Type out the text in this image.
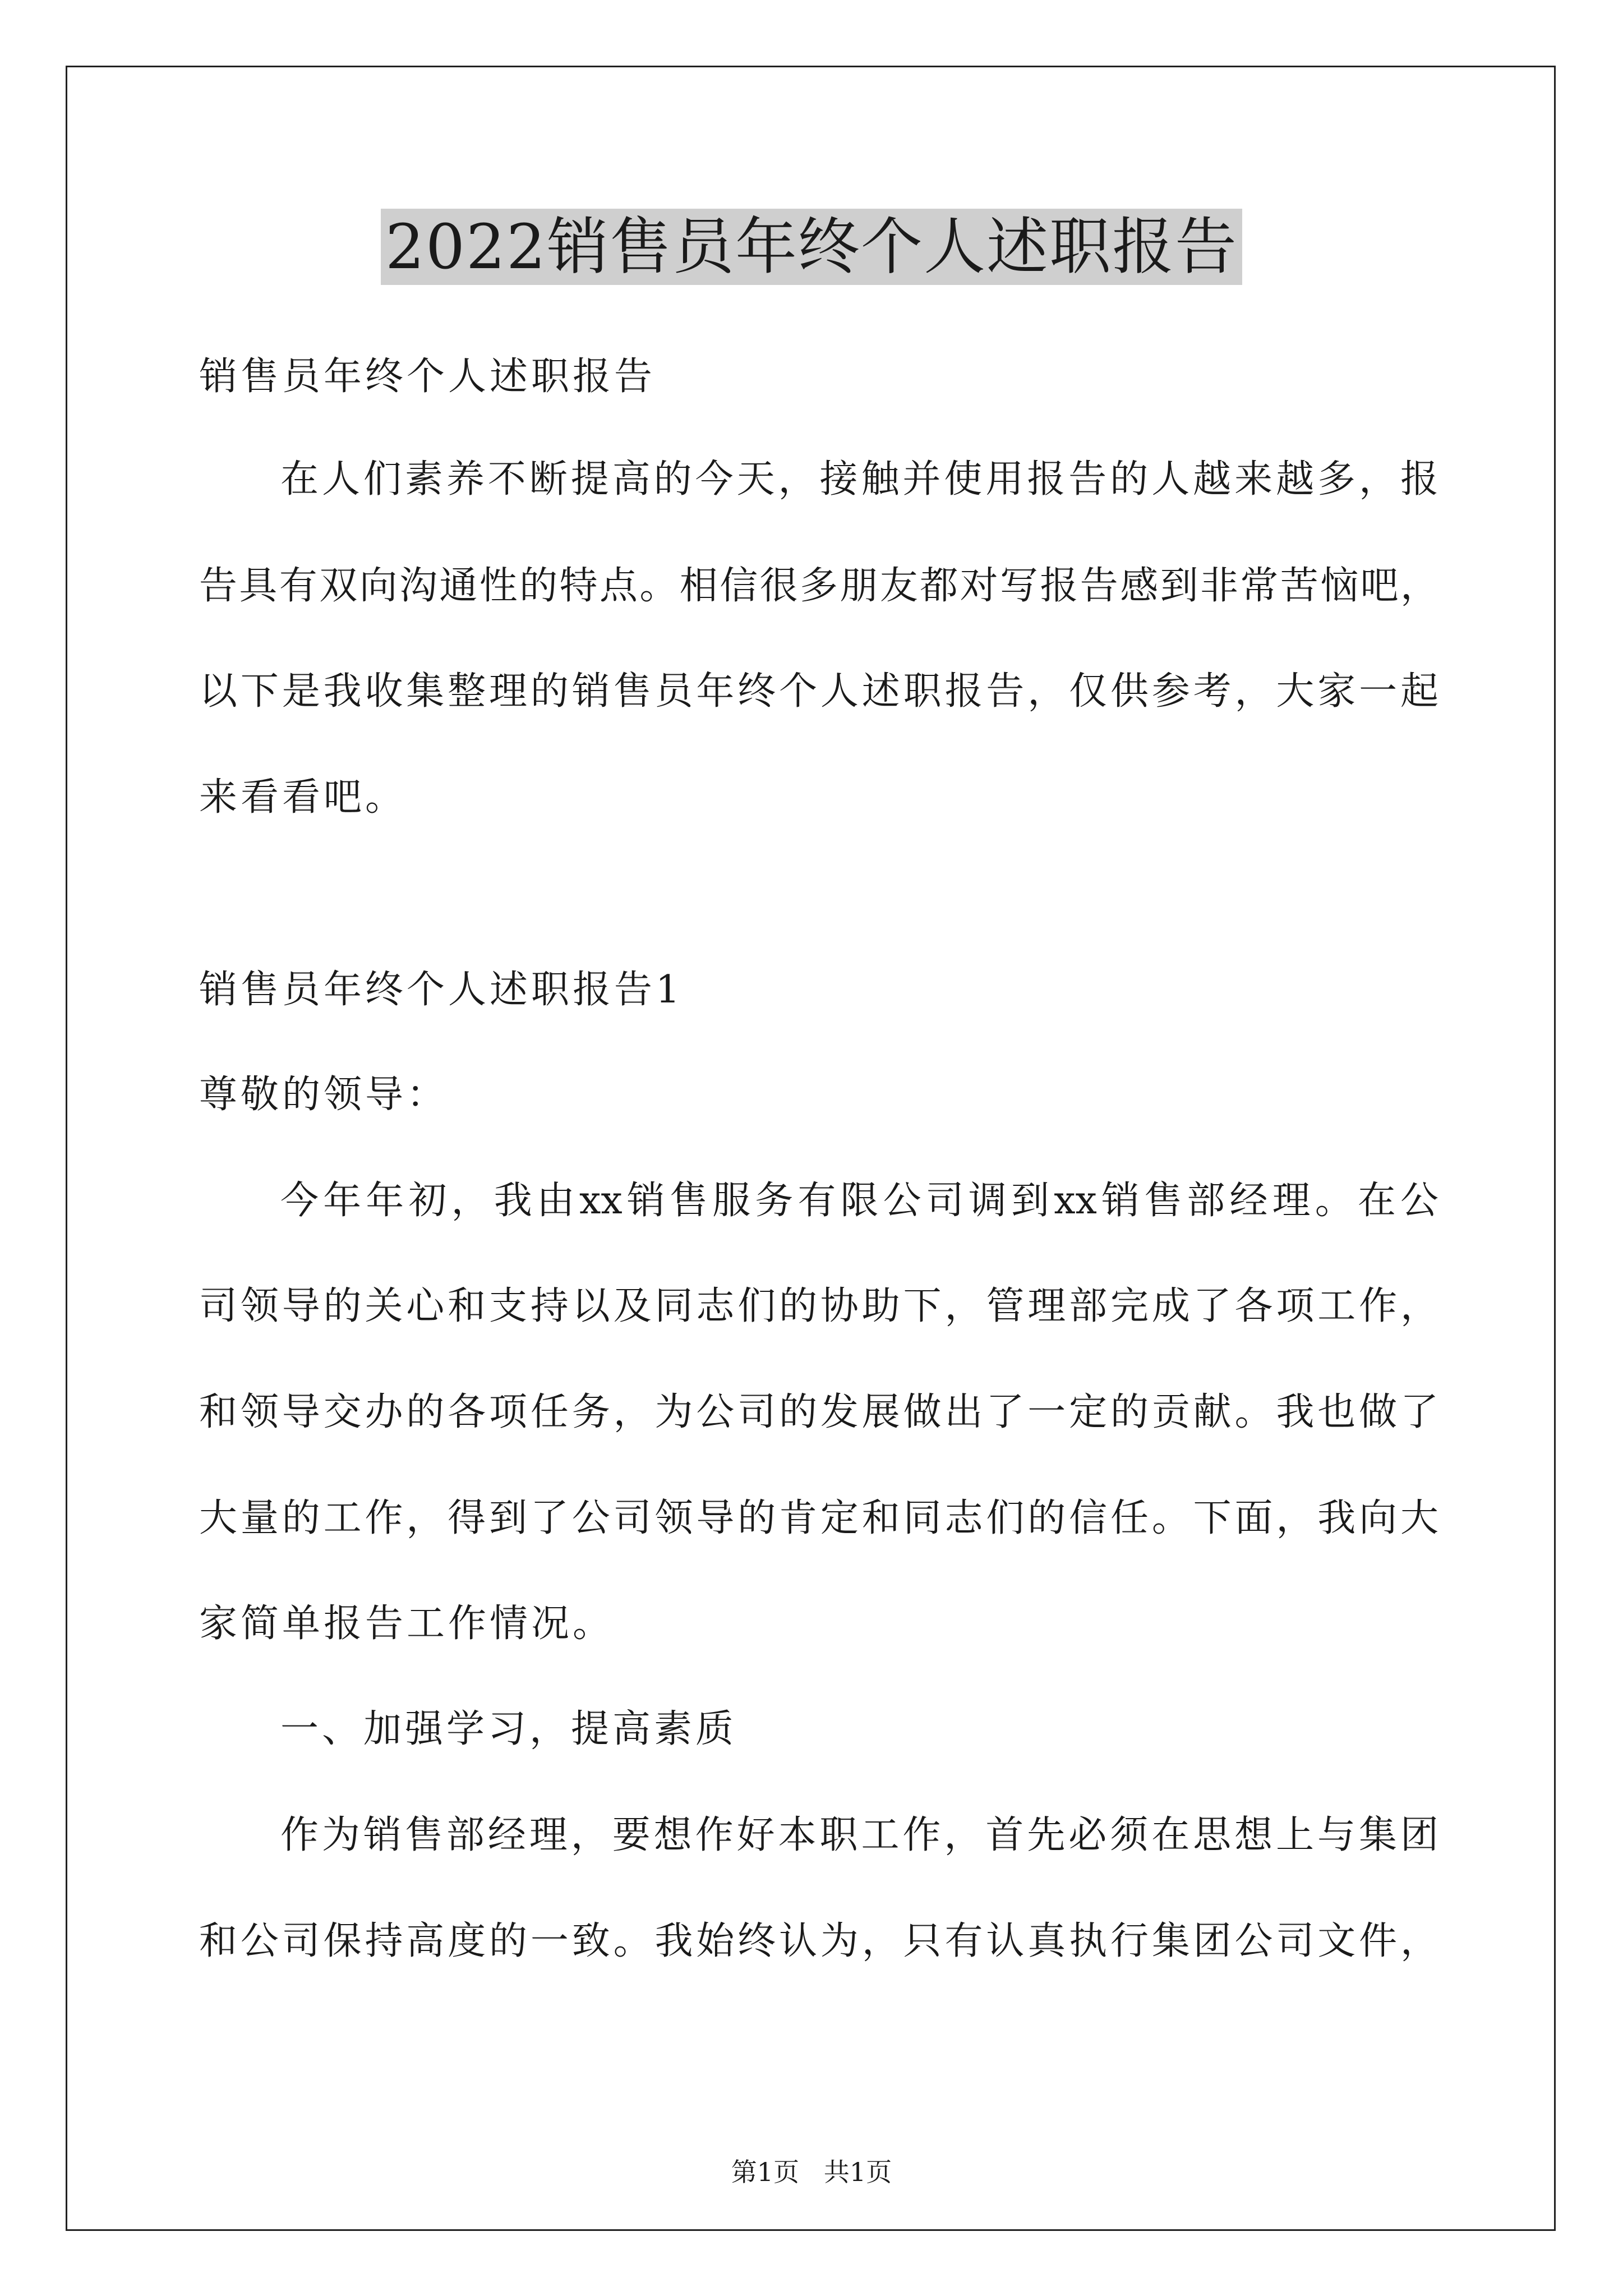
2022销售员年终个人述职报告
销售员年终个人述职报告
在人们素养不断提高的今天，接触并使用报告的人越来越多，报
告具有双向沟通性的特点。相信很多朋友都对写报告感到非常苦恼吧，
以下是我收集整理的销售员年终个人述职报告，仅供参考，大家一起
来看看吧。
销售员年终个人述职报告1
尊敬的领导：
今年年初，我由xx销售服务有限公司调到xx销售部经理。在公
司领导的关心和支持以及同志们的协助下，管理部完成了各项工作，
和领导交办的各项任务，为公司的发展做出了一定的贡献。我也做了
大量的工作，得到了公司领导的肯定和同志们的信任。下面，我向大
家简单报告工作情况。
一、加强学习，提高素质
作为销售部经理，要想作好本职工作，首先必须在思想上与集团
和公司保持高度的一致。我始终认为，只有认真执行集团公司文件，
第1页   共1页
